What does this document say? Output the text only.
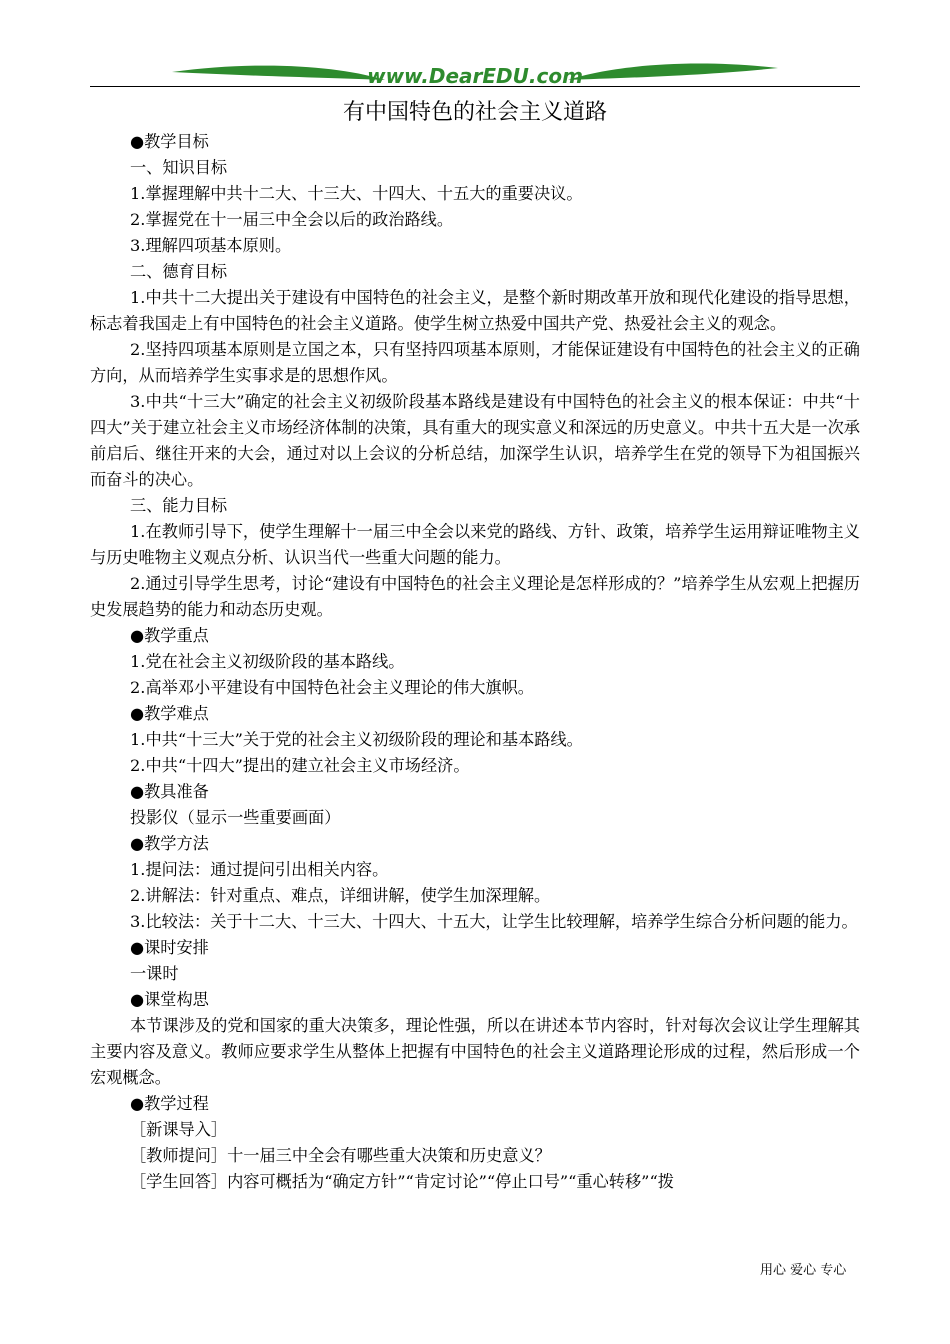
www.DearEDU.com
有中国特色的社会主义道路

●教学目标

一、知识目标

1.掌握理解中共十二大、十三大、十四大、十五大的重要决议。

2.掌握党在十一届三中全会以后的政治路线。

3.理解四项基本原则。

二、德育目标

1.中共十二大提出关于建设有中国特色的社会主义，是整个新时期改革开放和现代化建设的指导思想，标志着我国走上有中国特色的社会主义道路。使学生树立热爱中国共产党、热爱社会主义的观念。

2.坚持四项基本原则是立国之本，只有坚持四项基本原则，才能保证建设有中国特色的社会主义的正确方向，从而培养学生实事求是的思想作风。

3.中共“十三大”确定的社会主义初级阶段基本路线是建设有中国特色的社会主义的根本保证：中共“十四大”关于建立社会主义市场经济体制的决策，具有重大的现实意义和深远的历史意义。中共十五大是一次承前启后、继往开来的大会，通过对以上会议的分析总结，加深学生认识，培养学生在党的领导下为祖国振兴而奋斗的决心。

三、能力目标

1.在教师引导下，使学生理解十一届三中全会以来党的路线、方针、政策，培养学生运用辩证唯物主义与历史唯物主义观点分析、认识当代一些重大问题的能力。

2.通过引导学生思考，讨论“建设有中国特色的社会主义理论是怎样形成的？”培养学生从宏观上把握历史发展趋势的能力和动态历史观。

●教学重点

1.党在社会主义初级阶段的基本路线。

2.高举邓小平建设有中国特色社会主义理论的伟大旗帜。

●教学难点

1.中共“十三大”关于党的社会主义初级阶段的理论和基本路线。

2.中共“十四大”提出的建立社会主义市场经济。

●教具准备

投影仪（显示一些重要画面）

●教学方法

1.提问法：通过提问引出相关内容。

2.讲解法：针对重点、难点，详细讲解，使学生加深理解。

3.比较法：关于十二大、十三大、十四大、十五大，让学生比较理解，培养学生综合分析问题的能力。

●课时安排

一课时

●课堂构思

本节课涉及的党和国家的重大决策多，理论性强，所以在讲述本节内容时，针对每次会议让学生理解其主要内容及意义。教师应要求学生从整体上把握有中国特色的社会主义道路理论形成的过程，然后形成一个宏观概念。

●教学过程

［新课导入］

［教师提问］十一届三中全会有哪些重大决策和历史意义？

［学生回答］内容可概括为“确定方针”“肯定讨论”“停止口号”“重心转移”“拨

用心 爱心 专心
